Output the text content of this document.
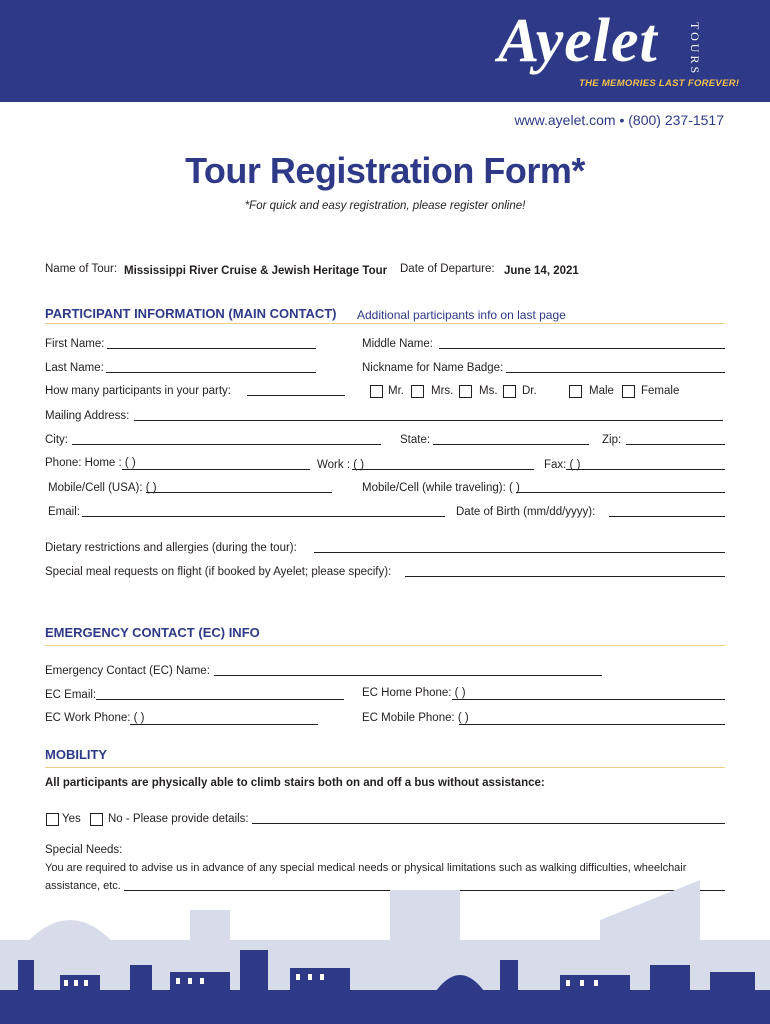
Ayelet	TOURS
THE MEMORIES LAST FOREVER!
www.ayelet.com • (800) 237-1517
Tour Registration Form*
*For quick and easy registration, please register online!
Name of Tour: Mississippi River Cruise & Jewish Heritage Tour Date of Departure: June 14, 2021
PARTICIPANT INFORMATION (MAIN CONTACT) Additional participants info on last page
First Name:	Middle Name:
Last Name:	Nickname for Name Badge:
How many participants in your party:	Mr. Mrs. Ms. Dr.	Male Female
Mailing Address:
City:	State:	Zip:
Phone: Home : ( )	Work : ( )	Fax: ( )
Mobile/Cell (USA): ( )	Mobile/Cell (while traveling): ( )
Email:	Date of Birth (mm/dd/yyyy):
Dietary restrictions and allergies (during the tour):
Special meal requests on flight (if booked by Ayelet; please specify):
EMERGENCY CONTACT (EC) INFO
Emergency Contact (EC) Name:
EC Email:	EC Home Phone: ( )
EC Work Phone: ( )	EC Mobile Phone: ( )
MOBILITY
All participants are physically able to climb stairs both on and off a bus without assistance:
Yes No - Please provide details:
Special Needs:
You are required to advise us in advance of any special medical needs or physical limitations such as walking difficulties, wheelchair
assistance, etc.
3
